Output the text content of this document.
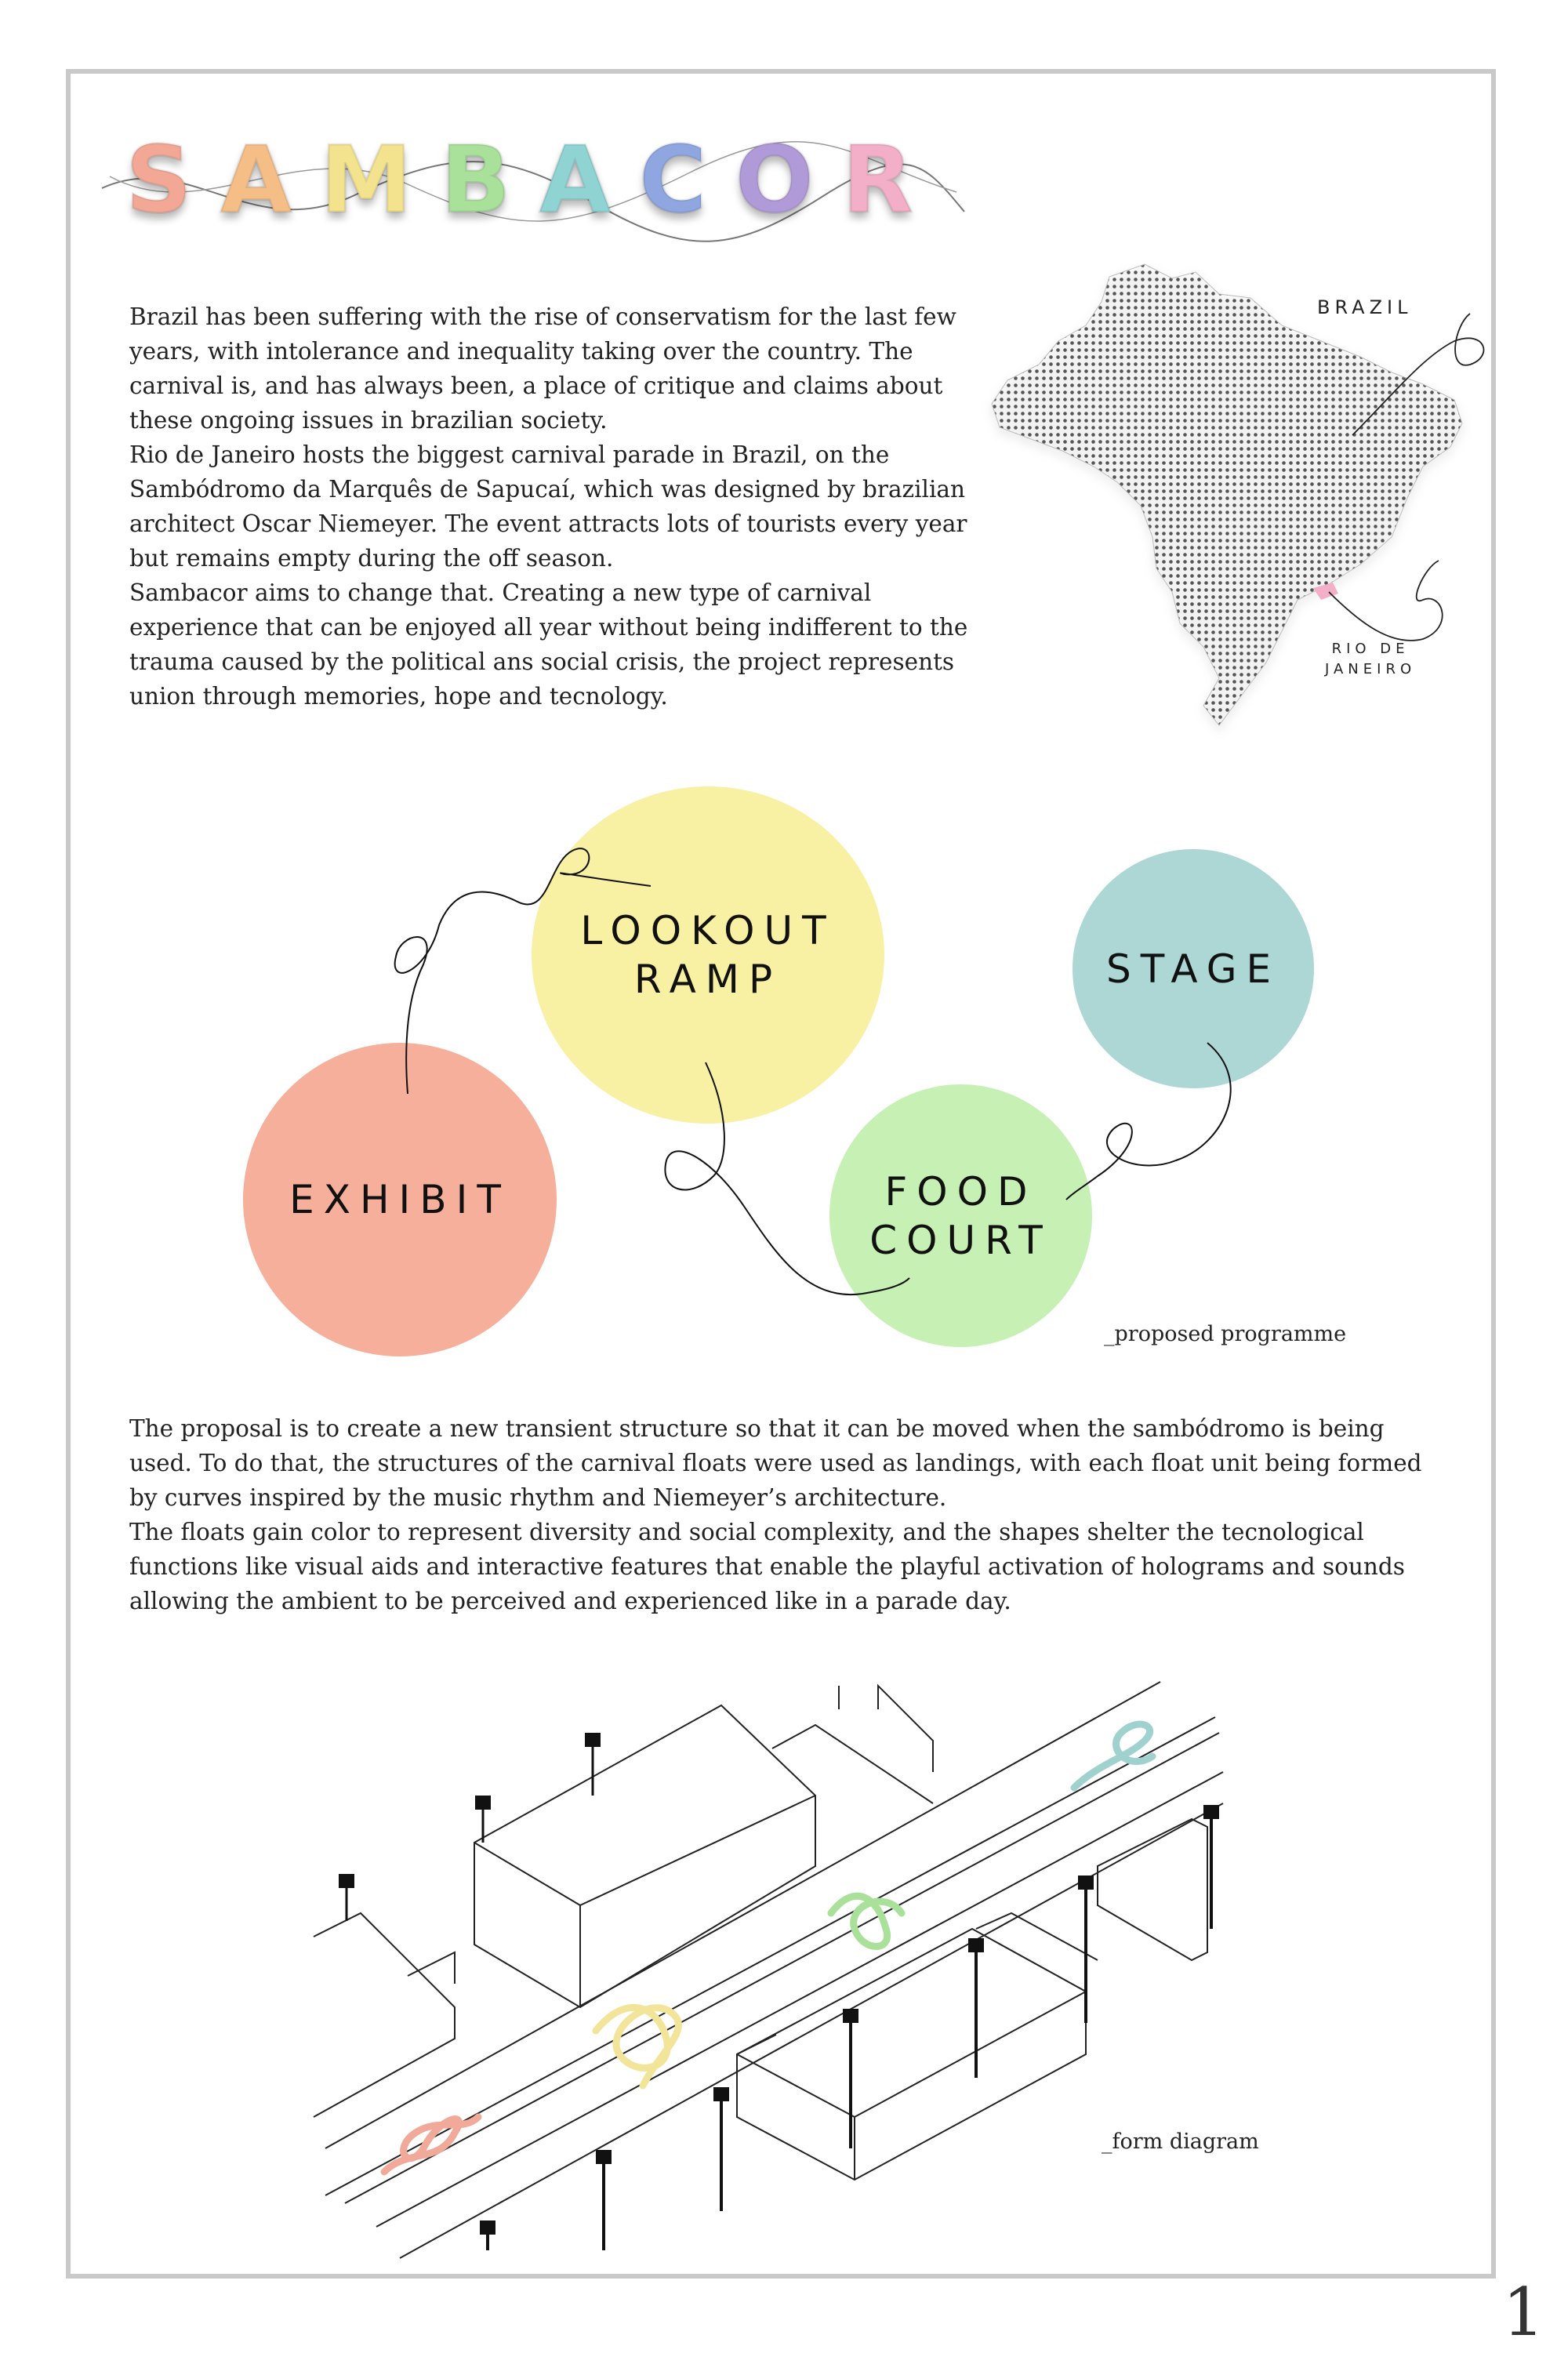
S A M B A C O R

Brazil has been suffering with the rise of conservatism for the last few years, with intolerance and inequality taking over the country. The carnival is, and has always been, a place of critique and claims about these ongoing issues in brazilian society.

Rio de Janeiro hosts the biggest carnival parade in Brazil, on the Sambódromo da Marquês de Sapucaí, which was designed by brazilian architect Oscar Niemeyer. The event attracts lots of tourists every year but remains empty during the off season.

Sambacor aims to change that. Creating a new type of carnival experience that can be enjoyed all year without being indifferent to the trauma caused by the political ans social crisis, the project represents union through memories, hope and tecnology.

BRAZIL
RIO DE
JANEIRO
LOOKOUT
RAMP	STAGE
EXHIBIT	FOOD
COURT
_proposed programme

The proposal is to create a new transient structure so that it can be moved when the sambódromo is being used. To do that, the structures of the carnival floats were used as landings, with each float unit being formed by curves inspired by the music rhythm and Niemeyer’s architecture.

The floats gain color to represent diversity and social complexity, and the shapes shelter the tecnological functions like visual aids and interactive features that enable the playful activation of holograms and sounds allowing the ambient to be perceived and experienced like in a parade day.

_form diagram
1
